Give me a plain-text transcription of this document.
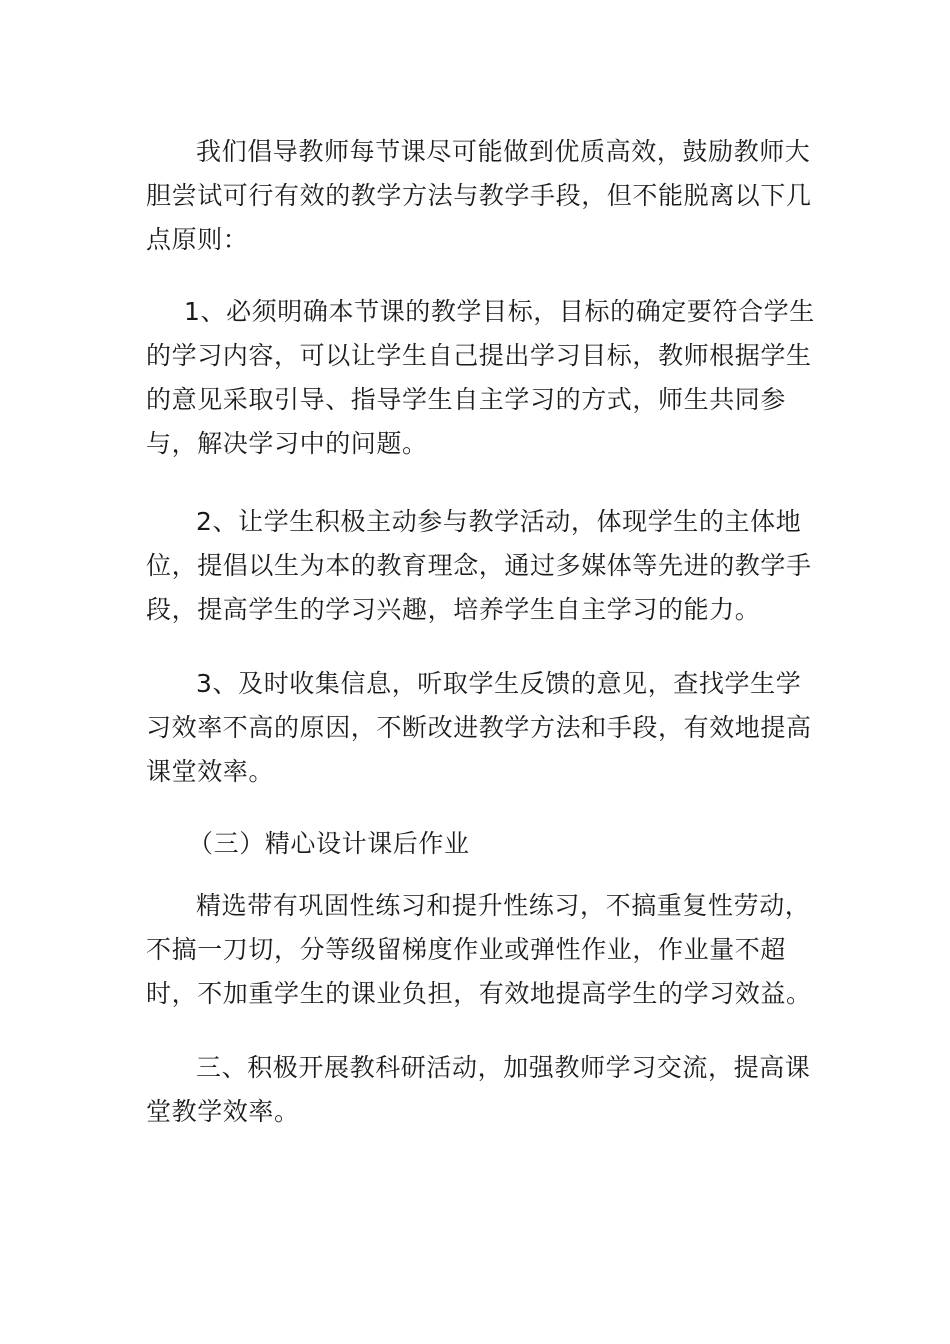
我们倡导教师每节课尽可能做到优质高效，鼓励教师大胆尝试可行有效的教学方法与教学手段，但不能脱离以下几点原则：

1、必须明确本节课的教学目标，目标的确定要符合学生的学习内容，可以让学生自己提出学习目标，教师根据学生的意见采取引导、指导学生自主学习的方式，师生共同参与，解决学习中的问题。

2、让学生积极主动参与教学活动，体现学生的主体地位，提倡以生为本的教育理念，通过多媒体等先进的教学手段，提高学生的学习兴趣，培养学生自主学习的能力。

3、及时收集信息，听取学生反馈的意见，查找学生学习效率不高的原因，不断改进教学方法和手段，有效地提高课堂效率。

（三）精心设计课后作业

精选带有巩固性练习和提升性练习，不搞重复性劳动，不搞一刀切，分等级留梯度作业或弹性作业，作业量不超时，不加重学生的课业负担，有效地提高学生的学习效益。

三、积极开展教科研活动，加强教师学习交流，提高课堂教学效率。
